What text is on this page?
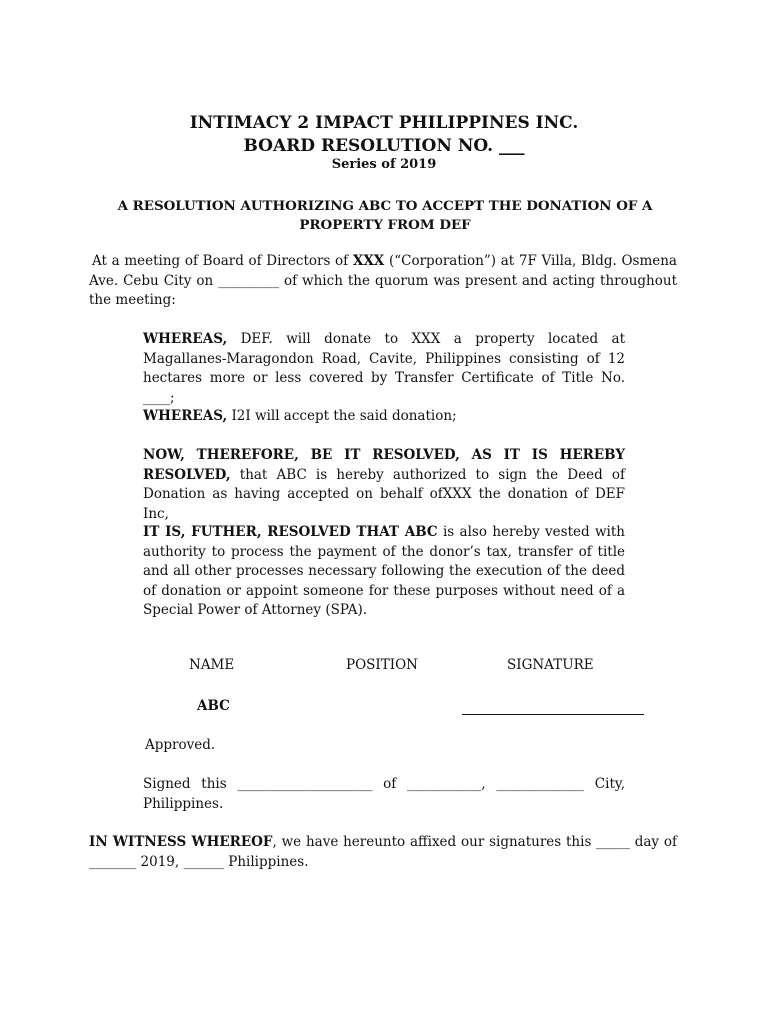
INTIMACY 2 IMPACT PHILIPPINES INC.
BOARD RESOLUTION NO. ___
Series of 2019
A RESOLUTION AUTHORIZING ABC TO ACCEPT THE DONATION OF A PROPERTY FROM DEF
At a meeting of Board of Directors of XXX (“Corporation”) at 7F Villa, Bldg. Osmena Ave. Cebu City on _________ of which the quorum was present and acting throughout the meeting:
WHEREAS, DEF. will donate to XXX a property located at Magallanes-Maragondon Road, Cavite, Philippines consisting of 12 hectares more or less covered by Transfer Certificate of Title No. ____;
WHEREAS, I2I will accept the said donation;
NOW, THEREFORE, BE IT RESOLVED, AS IT IS HEREBY RESOLVED, that ABC is hereby authorized to sign the Deed of Donation as having accepted on behalf ofXXX the donation of DEF Inc,
IT IS, FUTHER, RESOLVED THAT ABC is also hereby vested with authority to process the payment of the donor’s tax, transfer of title and all other processes necessary following the execution of the deed of donation or appoint someone for these purposes without need of a Special Power of Attorney (SPA).
NAME	POSITION	SIGNATURE
ABC
Approved.
Signed this ____________________ of ___________, _____________ City, Philippines.
IN WITNESS WHEREOF, we have hereunto affixed our signatures this _____ day of _______ 2019, ______ Philippines.
